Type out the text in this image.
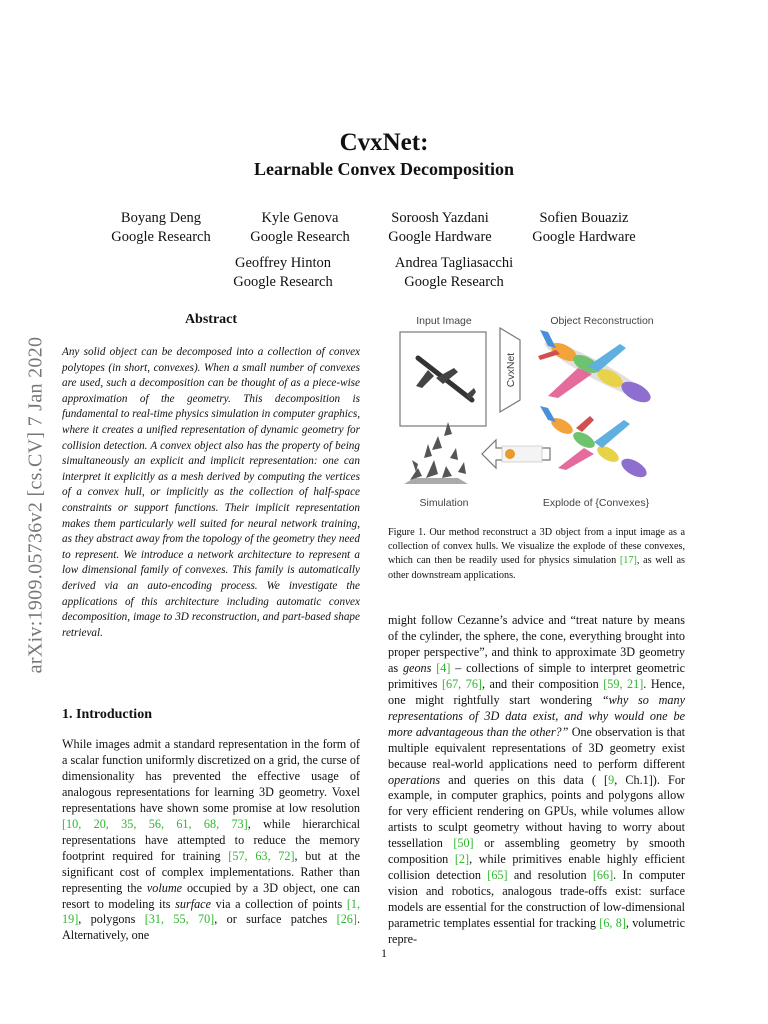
arXiv:1909.05736v2 [cs.CV] 7 Jan 2020
CvxNet:
Learnable Convex Decomposition
Boyang Deng
Google Research
Kyle Genova
Google Research
Soroosh Yazdani
Google Hardware
Sofien Bouaziz
Google Hardware
Geoffrey Hinton
Google Research
Andrea Tagliasacchi
Google Research
Abstract
Any solid object can be decomposed into a collection of convex polytopes (in short, convexes). When a small number of convexes are used, such a decomposition can be thought of as a piece-wise approximation of the geometry. This decomposition is fundamental to real-time physics simulation in computer graphics, where it creates a unified representation of dynamic geometry for collision detection. A convex object also has the property of being simultaneously an explicit and implicit representation: one can interpret it explicitly as a mesh derived by computing the vertices of a convex hull, or implicitly as the collection of half-space constraints or support functions. Their implicit representation makes them particularly well suited for neural network training, as they abstract away from the topology of the geometry they need to represent. We introduce a network architecture to represent a low dimensional family of convexes. This family is automatically derived via an auto-encoding process. We investigate the applications of this architecture including automatic convex decomposition, image to 3D reconstruction, and part-based shape retrieval.
1. Introduction

While images admit a standard representation in the form of a scalar function uniformly discretized on a grid, the curse of dimensionality has prevented the effective usage of analogous representations for learning 3D geometry. Voxel representations have shown some promise at low resolution [10, 20, 35, 56, 61, 68, 73], while hierarchical representations have attempted to reduce the memory footprint required for training [57, 63, 72], but at the significant cost of complex implementations. Rather than representing the volume occupied by a 3D object, one can resort to modeling its surface via a collection of points [1, 19], polygons [31, 55, 70], or surface patches [26]. Alternatively, one

Input Image	Object Reconstruction
CvxNet
Simulation	Explode of {Convexes}
Figure 1. Our method reconstruct a 3D object from a input image as a collection of convex hulls. We visualize the explode of these convexes, which can then be readily used for physics simulation [17], as well as other downstream applications.

might follow Cezanne’s advice and “treat nature by means of the cylinder, the sphere, the cone, everything brought into proper perspective”, and think to approximate 3D geometry as geons [4] – collections of simple to interpret geometric primitives [67, 76], and their composition [59, 21]. Hence, one might rightfully start wondering “why so many representations of 3D data exist, and why would one be more advantageous than the other?” One observation is that multiple equivalent representations of 3D geometry exist because real-world applications need to perform different operations and queries on this data ( [9, Ch.1]). For example, in computer graphics, points and polygons allow for very efficient rendering on GPUs, while volumes allow artists to sculpt geometry without having to worry about tessellation [50] or assembling geometry by smooth composition [2], while primitives enable highly efficient collision detection [65] and resolution [66]. In computer vision and robotics, analogous trade-offs exist: surface models are essential for the construction of low-dimensional parametric templates essential for tracking [6, 8], volumetric repre-

1
